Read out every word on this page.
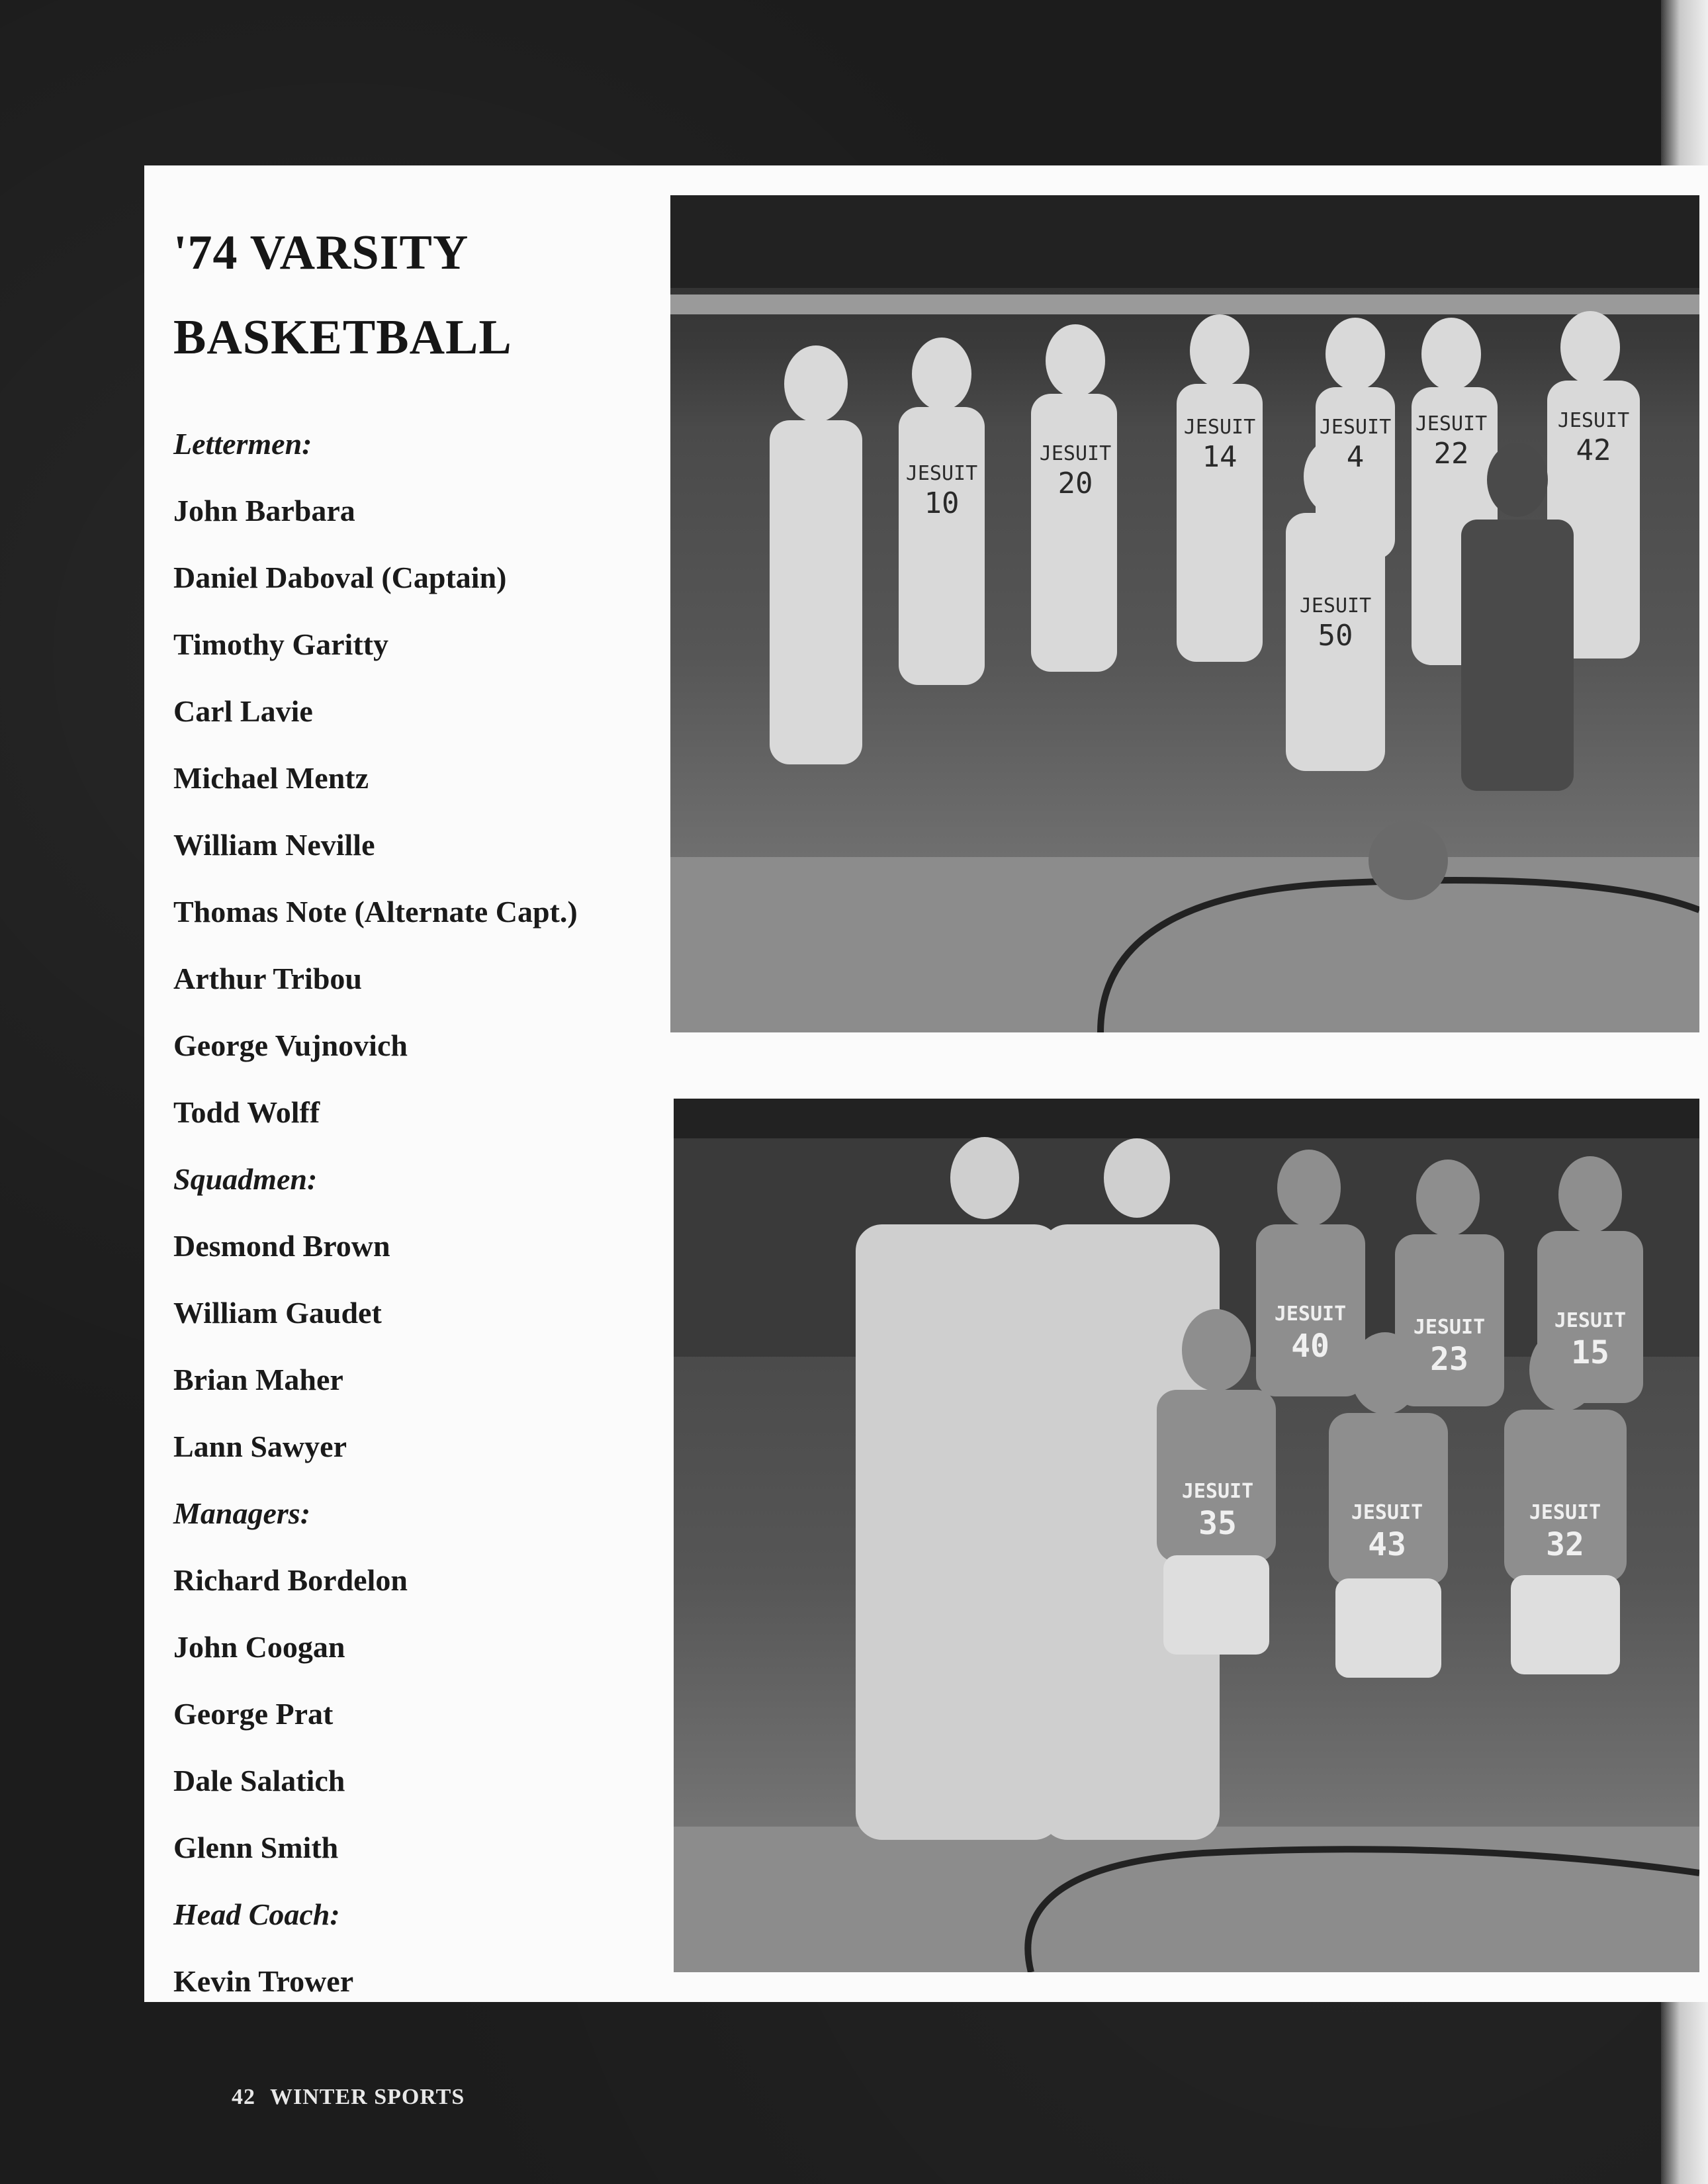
'74 VARSITY
BASKETBALL
Lettermen:
John Barbara
Daniel Daboval (Captain)
Timothy Garitty
Carl Lavie
Michael Mentz
William Neville
Thomas Note (Alternate Capt.)
Arthur Tribou
George Vujnovich
Todd Wolff
Squadmen:
Desmond Brown
William Gaudet
Brian Maher
Lann Sawyer
Managers:
Richard Bordelon
John Coogan
George Prat
Dale Salatich
Glenn Smith
Head Coach:
Kevin Trower
JESUIT
10
JESUIT
20
JESUIT
14
JESUIT
4
JESUIT
22
JESUIT
42
JESUIT
50
JESUIT
40
JESUIT
23
JESUIT
15
JESUIT
35	JESUIT
43
JESUIT
32
42 WINTER SPORTS
